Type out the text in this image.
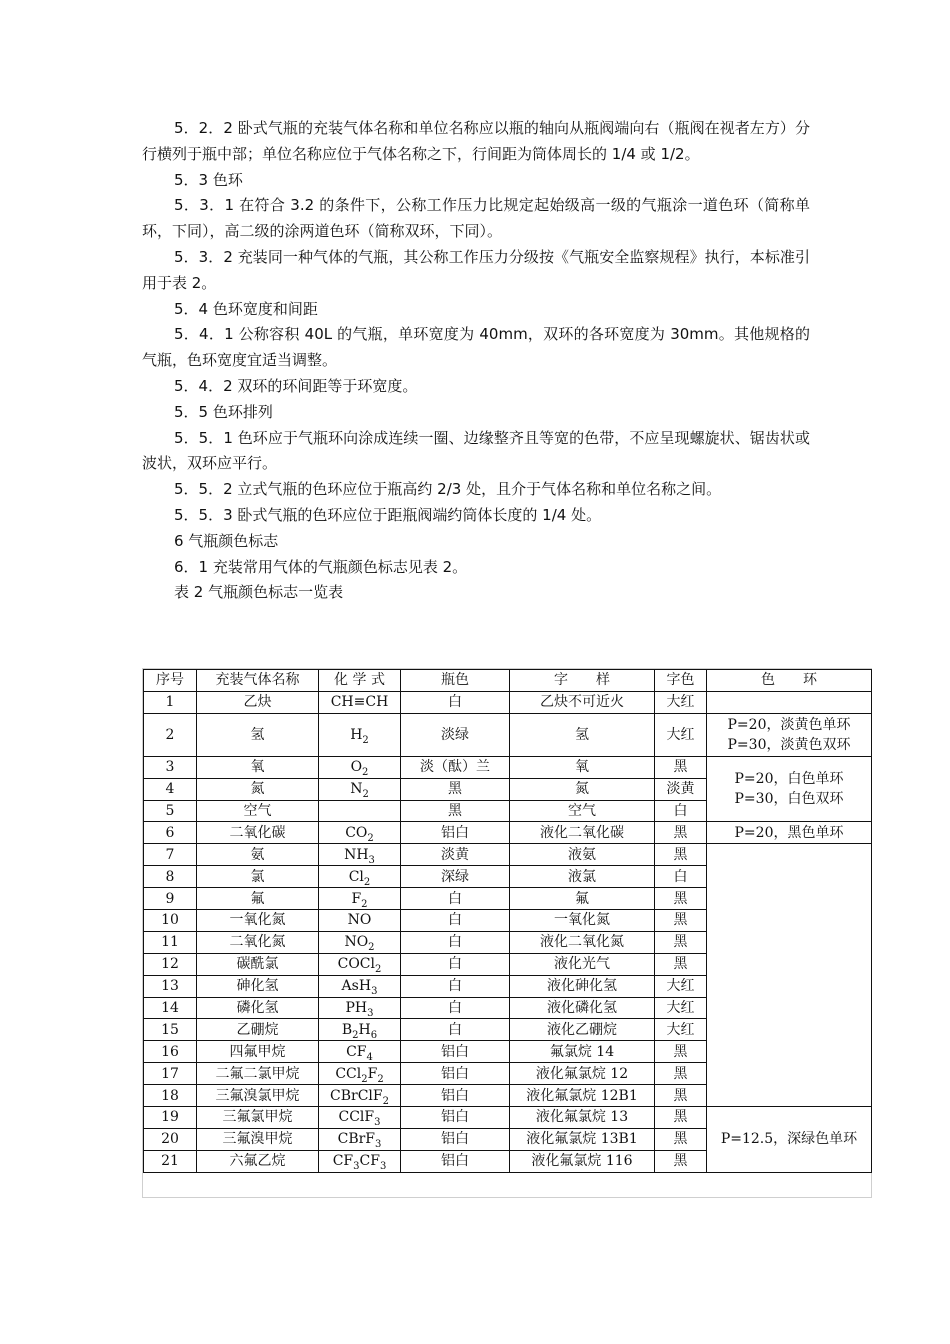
5．2．2 卧式气瓶的充装气体名称和单位名称应以瓶的轴向从瓶阀端向右（瓶阀在视者左方）分行横列于瓶中部；单位名称应位于气体名称之下，行间距为筒体周长的 1/4 或 1/2。

5．3 色环

5．3．1 在符合 3.2 的条件下，公称工作压力比规定起始级高一级的气瓶涂一道色环（简称单环，下同），高二级的涂两道色环（简称双环，下同）。

5．3．2 充装同一种气体的气瓶，其公称工作压力分级按《气瓶安全监察规程》执行，本标准引用于表 2。

5．4 色环宽度和间距

5．4．1 公称容积 40L 的气瓶，单环宽度为 40mm，双环的各环宽度为 30mm。其他规格的气瓶，色环宽度宜适当调整。

5．4．2 双环的环间距等于环宽度。

5．5 色环排列

5．5．1 色环应于气瓶环向涂成连续一圈、边缘整齐且等宽的色带，不应呈现螺旋状、锯齿状或波状，双环应平行。

5．5．2 立式气瓶的色环应位于瓶高约 2/3 处，且介于气体名称和单位名称之间。

5．5．3 卧式气瓶的色环应位于距瓶阀端约筒体长度的 1/4 处。

6 气瓶颜色标志

6．1 充装常用气体的气瓶颜色标志见表 2。

表 2 气瓶颜色标志一览表

序号	充装气体名称	化 学 式	瓶色	字　　样	字色	色　　环
1	乙炔	CH≡CH	白	乙炔不可近火	大红	
2	氢	$H_2$	淡绿	氢	大红	P=20，淡黄色单环
P=30，淡黄色双环

3	氧	$O_2$	淡（酞）兰	氧	黑	P=20，白色单环
P=30，白色双环

4	氮	$N_2$	黑	氮	淡黄	
5	空气		黑	空气	白	
6	二氧化碳	$CO_2$	铝白	液化二氧化碳	黑	P=20，黑色单环
7	氨	$NH_3$	淡黄	液氨	黑	
8	氯	$Cl_2$	深绿	液氯	白	
9	氟	$F_2$	白	氟	黑	
10	一氧化氮	NO	白	一氧化氮	黑	
11	二氧化氮	$NO_2$	白	液化二氧化氮	黑	
12	碳酰氯	COCl$_2$	白	液化光气	黑	
13	砷化氢	AsH$_3$	白	液化砷化氢	大红	
14	磷化氢	$PH_3$	白	液化磷化氢	大红	
15	乙硼烷	$B_2H_6$	白	液化乙硼烷	大红	
16	四氟甲烷	$CF_4$	铝白	氟氯烷 14	黑	
17	二氟二氯甲烷	$CCl_2F_2$	铝白	液化氟氯烷 12	黑	
18	三氟溴氯甲烷	CBrClF$_2$	铝白	液化氟氯烷 12B1	黑	
19	三氟氯甲烷	CClF$_3$	铝白	液化氟氯烷 13	黑	P=12.5，深绿色单环
20	三氟溴甲烷	CBrF$_3$	铝白	液化氟氯烷 13B1	黑	
21	六氟乙烷	$CF_3CF_3$	铝白	液化氟氯烷 116	黑	
